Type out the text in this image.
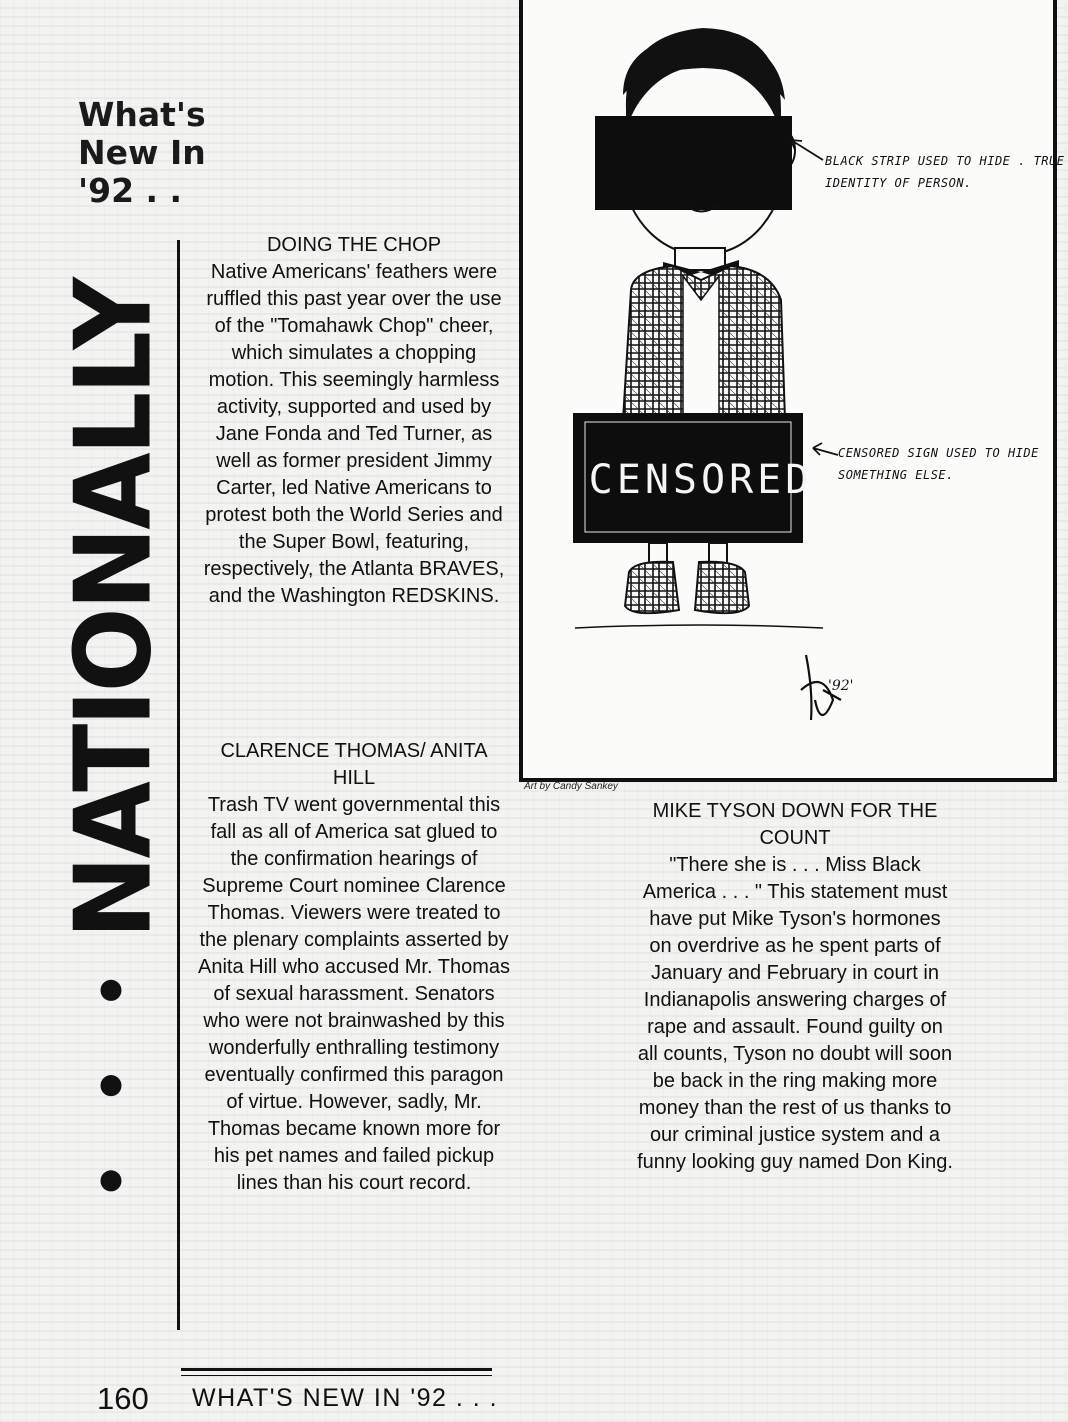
What's
New In
'92 . .
• • •
NATIONALLY

DOING THE CHOP

Native Americans' feathers were ruffled this past year over the use of the "Tomahawk Chop" cheer, which simulates a chopping motion. This seemingly harmless activity, supported and used by Jane Fonda and Ted Turner, as well as former president Jimmy Carter, led Native Americans to protest both the World Series and the Super Bowl, featuring, respectively, the Atlanta BRAVES, and the Washington REDSKINS.

CLARENCE THOMAS/ ANITA HILL

Trash TV went governmental this fall as all of America sat glued to the confirmation hearings of Supreme Court nominee Clarence Thomas. Viewers were treated to the plenary complaints asserted by Anita Hill who accused Mr. Thomas of sexual harassment. Senators who were not brainwashed by this wonderfully enthralling testimony eventually confirmed this paragon of virtue. However, sadly, Mr. Thomas became known more for his pet names and failed pickup lines than his court record.

MIKE TYSON DOWN FOR THE COUNT

"There she is . . . Miss Black America . . . " This statement must have put Mike Tyson's hormones on overdrive as he spent parts of January and February in court in Indianapolis answering charges of rape and assault. Found guilty on all counts, Tyson no doubt will soon be back in the ring making more money than the rest of us thanks to our criminal justice system and a funny looking guy named Don King.

BLACK STRIP USED TO HIDE . TRUE IDENTITY OF PERSON.

CENSORED SIGN USED TO HIDE SOMETHING ELSE.

CENSORED

'92'

Art by Candy Sankey

160 WHAT'S NEW IN '92 . . .
